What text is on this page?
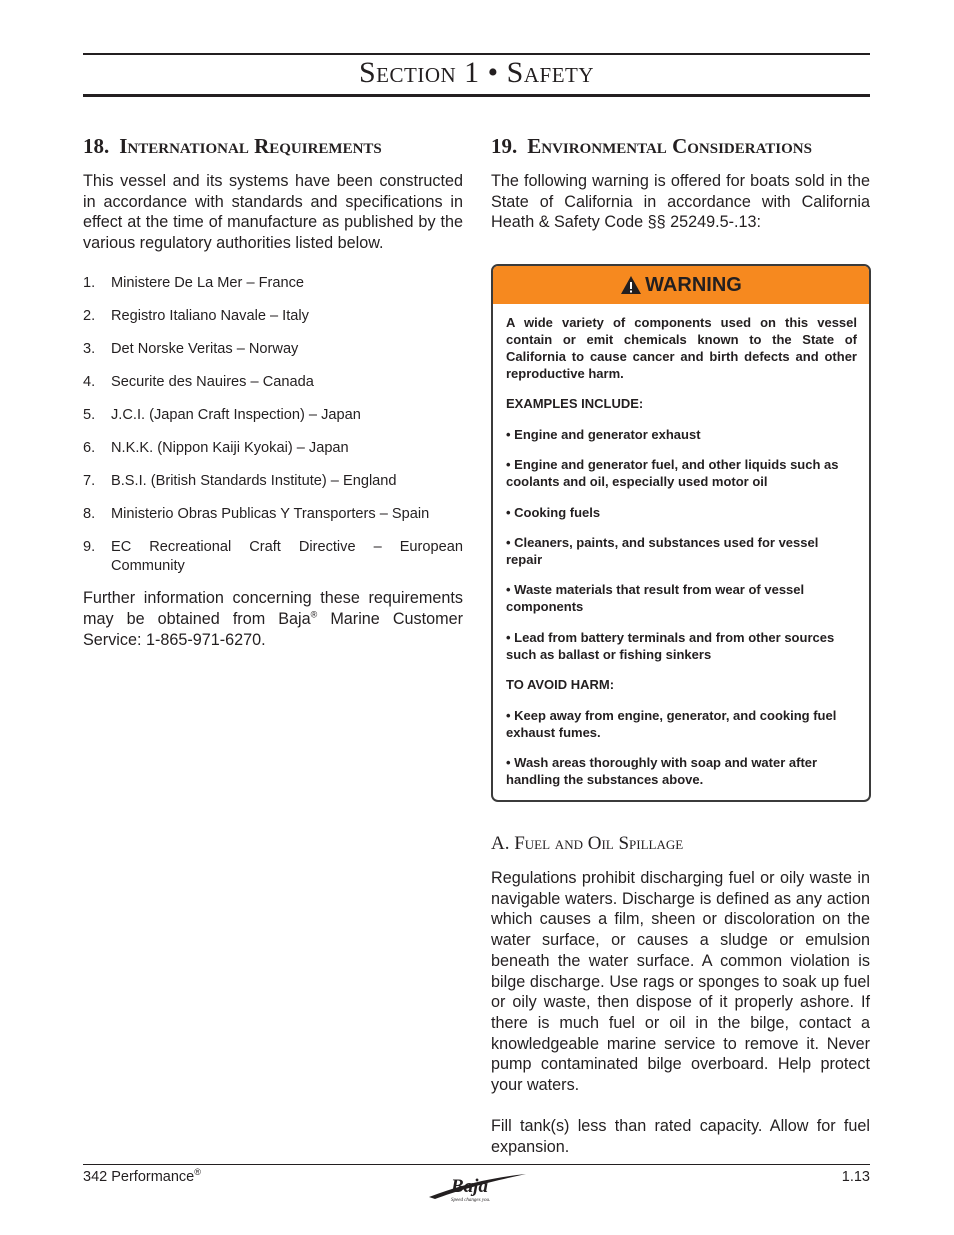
Section 1 • Safety
18. International Requirements

This vessel and its systems have been constructed in accordance with standards and specifications in effect at the time of manufacture as published by the various regulatory authorities listed below.

1.	Ministere De La Mer – France
2.	Registro Italiano Navale – Italy
3.	Det Norske Veritas – Norway
4.	Securite des Nauires – Canada
5.	J.C.I. (Japan Craft Inspection) – Japan
6.	N.K.K. (Nippon Kaiji Kyokai) – Japan
7.	B.S.I. (British Standards Institute) – England
8.	Ministerio Obras Publicas Y Transporters – Spain
9.	EC Recreational Craft Directive – European Community

Further information concerning these requirements may be obtained from Baja® Marine Customer Service: 1-865-971-6270.

19. Environmental Considerations

The following warning is offered for boats sold in the State of California in accordance with California Heath & Safety Code §§ 25249.5-.13:

WARNING

A wide variety of components used on this vessel contain or emit chemicals known to the State of California to cause cancer and birth defects and other reproductive harm.

EXAMPLES INCLUDE:

• Engine and generator exhaust

• Engine and generator fuel, and other liquids such as coolants and oil, especially used motor oil

• Cooking fuels

• Cleaners, paints, and substances used for vessel repair

• Waste materials that result from wear of vessel components

• Lead from battery terminals and from other sources such as ballast or fishing sinkers

TO AVOID HARM:

• Keep away from engine, generator, and cooking fuel exhaust fumes.

• Wash areas thoroughly with soap and water after handling the substances above.

A. Fuel and Oil Spillage

Regulations prohibit discharging fuel or oily waste in navigable waters. Discharge is defined as any action which causes a film, sheen or discoloration on the water surface, or causes a sludge or emulsion beneath the water surface. A common violation is bilge discharge. Use rags or sponges to soak up fuel or oily waste, then dispose of it properly ashore. If there is much fuel or oil in the bilge, contact a knowledgeable marine service to remove it. Never pump contaminated bilge overboard. Help protect your waters.

Fill tank(s) less than rated capacity. Allow for fuel expansion.

342 Performance®
Baja
Speed changes you.
1.13
